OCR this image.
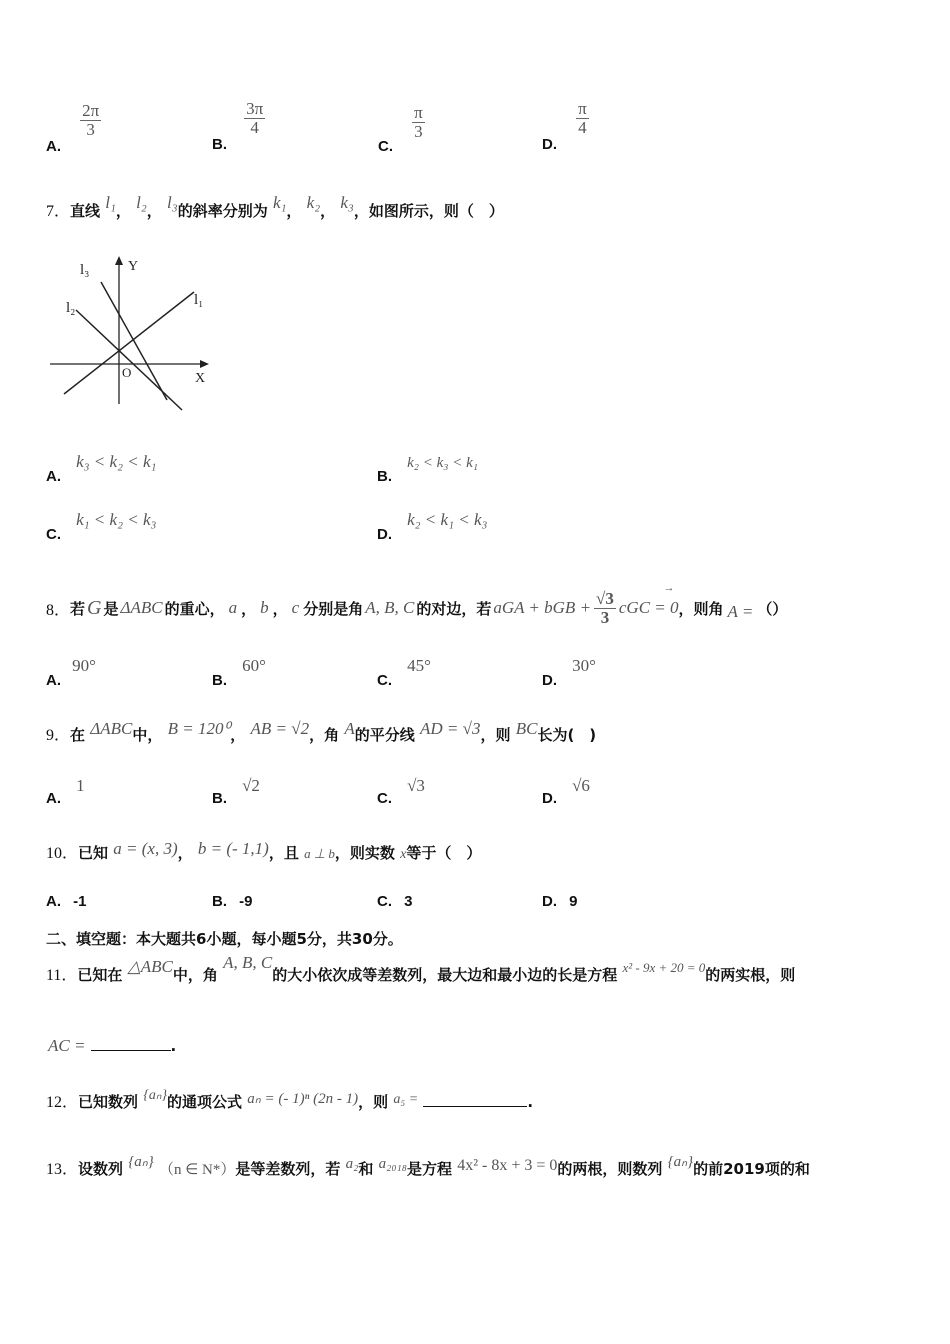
A.
$\frac{2\pi}{3}$
B.
$\frac{3\pi}{4}$
C.
$\frac{\pi}{3}$
D.
$\frac{\pi}{4}$
7．直线 l₁， l₂， l₃的斜率分别为 k₁， k₂， k₃，如图所示，则（　）
Y
X
O
l₁
l₂
l₃
A. k₃ < k₂ < k₁
B. k₂ < k₃ < k₁
C. k₁ < k₂ < k₃
D. k₂ < k₁ < k₃
8． 若 G 是 ΔABC 的重心， a ， b ， c 分别是角 A, B, C 的对边，若 aGA + bGB + $\frac{√3}{3}$
→
cGC = 0 ，则角 A = （）
A. 90°
B. 60°
C. 45°
D. 30°
9．在 ΔABC中， B = 120⁰， AB = √2，角 A的平分线 AD = √3，则 BC长为(　)
A. 1
B. √2
C. √3
D. √6
10．已知 a = (x, 3)， b = (- 1,1)，且 a ⊥ b，则实数 x等于（　）
A. -1	B. -9	C. 3	D. 9
二、填空题：本大题共6小题，每小题5分，共30分。
11．已知在 △ABC中，角 A, B, C的大小依次成等差数列，最大边和最小边的长是方程 x² - 9x + 20 = 0的两实根，则
AC =	.
12．已知数列 {aₙ}的通项公式 aₙ = (- 1)ⁿ (2n - 1)，则 a₅ =	.
13．设数列 {aₙ} （n ∈ N*）是等差数列，若 a₂和 a₂₀₁₈是方程 4x² - 8x + 3 = 0的两根，则数列 {aₙ}的前2019项的和
